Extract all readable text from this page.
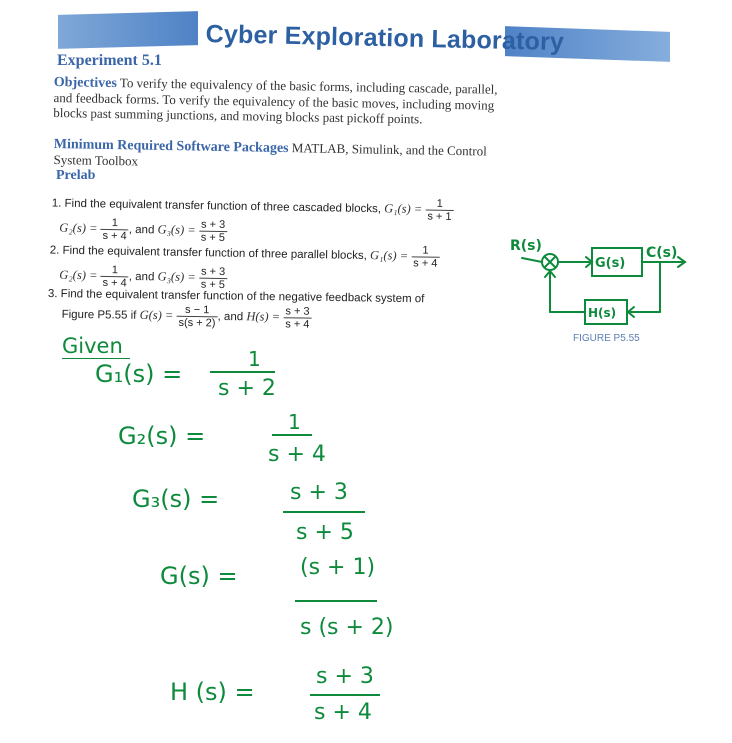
Cyber Exploration Laboratory
Experiment 5.1
Objectives To verify the equivalency of the basic forms, including cascade, parallel, and feedback forms. To verify the equivalency of the basic moves, including moving blocks past summing junctions, and moving blocks past pickoff points.
Minimum Required Software Packages MATLAB, Simulink, and the Control System Toolbox
Prelab
1. Find the equivalent transfer function of three cascaded blocks, $G_1(s) = \frac{1}{s + 1}$
$G_2(s) = \frac{1}{s + 4}$ , and $G_3(s) = \frac{s + 3}{s + 5}$
2. Find the equivalent transfer function of three parallel blocks, $G_1(s) = \frac{1}{s + 4}$
$G_2(s) = \frac{1}{s + 4}$ , and $G_3(s) = \frac{s + 3}{s + 5}$
3. Find the equivalent transfer function of the negative feedback system of
Figure P5.55 if $G(s) = \frac{s - 1}{s(s + 2)}$ , and $H(s) = \frac{s + 3}{s + 4}$
R(s)	C(s)
G(s)
H(s)
FIGURE P5.55
Given
G₁(s) =
1
s + 2
G₂(s) =	1
s + 4
G₃(s) =	s + 3
s + 5
G(s) =	(s + 1)
s (s + 2)
H (s) =
s + 3
s + 4
